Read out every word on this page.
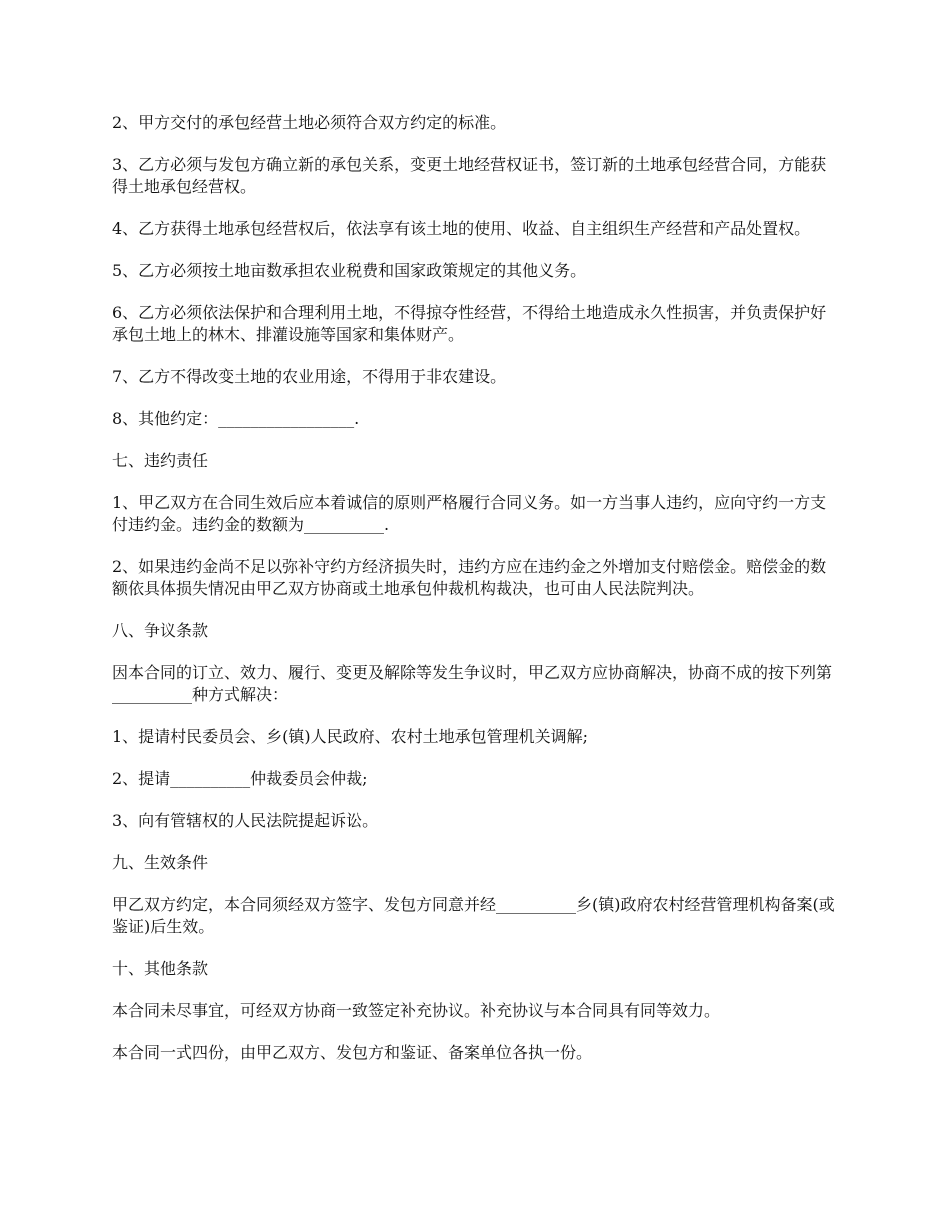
2、甲方交付的承包经营土地必须符合双方约定的标准。

3、乙方必须与发包方确立新的承包关系，变更土地经营权证书，签订新的土地承包经营合同，方能获得土地承包经营权。

4、乙方获得土地承包经营权后，依法享有该土地的使用、收益、自主组织生产经营和产品处置权。

5、乙方必须按土地亩数承担农业税费和国家政策规定的其他义务。

6、乙方必须依法保护和合理利用土地，不得掠夺性经营，不得给土地造成永久性损害，并负责保护好承包土地上的林木、排灌设施等国家和集体财产。

7、乙方不得改变土地的农业用途，不得用于非农建设。

8、其他约定：_________________.

七、违约责任

1、甲乙双方在合同生效后应本着诚信的原则严格履行合同义务。如一方当事人违约，应向守约一方支付违约金。违约金的数额为__________.

2、如果违约金尚不足以弥补守约方经济损失时，违约方应在违约金之外增加支付赔偿金。赔偿金的数额依具体损失情况由甲乙双方协商或土地承包仲裁机构裁决，也可由人民法院判决。

八、争议条款

因本合同的订立、效力、履行、变更及解除等发生争议时，甲乙双方应协商解决，协商不成的按下列第__________种方式解决：

1、提请村民委员会、乡(镇)人民政府、农村土地承包管理机关调解;

2、提请__________仲裁委员会仲裁;

3、向有管辖权的人民法院提起诉讼。

九、生效条件

甲乙双方约定，本合同须经双方签字、发包方同意并经__________乡(镇)政府农村经营管理机构备案(或鉴证)后生效。

十、其他条款

本合同未尽事宜，可经双方协商一致签定补充协议。补充协议与本合同具有同等效力。

本合同一式四份，由甲乙双方、发包方和鉴证、备案单位各执一份。
